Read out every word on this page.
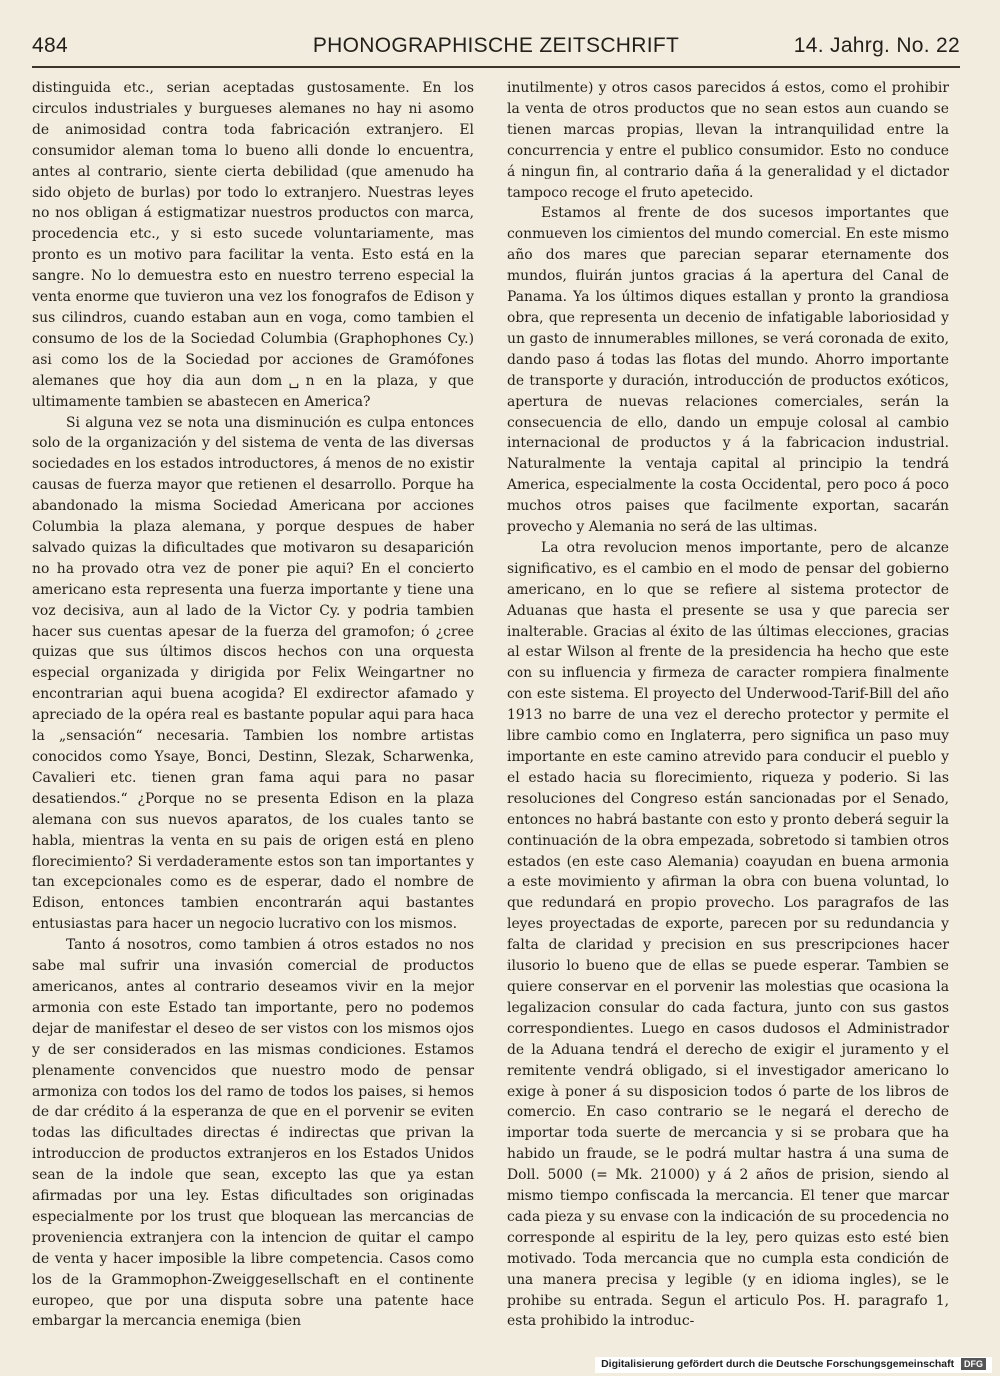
484	PHONOGRAPHISCHE ZEITSCHRIFT	14. Jahrg. No. 22

distinguida etc., serian aceptadas gustosamente. En los circulos industriales y burgueses alemanes no hay ni asomo de animosidad contra toda fabricación extranjero. El consumidor aleman toma lo bueno alli donde lo encuentra, antes al contrario, siente cierta debilidad (que amenudo ha sido objeto de burlas) por todo lo extranjero. Nuestras leyes no nos obligan á estigmatizar nuestros productos con marca, procedencia etc., y si esto sucede voluntariamente, mas pronto es un motivo para facilitar la venta. Esto está en la sangre. No lo demuestra esto en nuestro terreno especial la venta enorme que tuvieron una vez los fonografos de Edison y sus cilindros, cuando estaban aun en voga, como tambien el consumo de los de la Sociedad Columbia (Graphophones Cy.) asi como los de la Sociedad por acciones de Gramófones alemanes que hoy dia aun dom␣n en la plaza, y que ultimamente tambien se abastecen en America?

Si alguna vez se nota una disminución es culpa entonces solo de la organización y del sistema de venta de las diversas sociedades en los estados introductores, á menos de no existir causas de fuerza mayor que retienen el desarrollo. Porque ha abandonado la misma Sociedad Americana por acciones Columbia la plaza alemana, y porque despues de haber salvado quizas la dificultades que motivaron su desaparición no ha provado otra vez de poner pie aqui? En el concierto americano esta representa una fuerza importante y tiene una voz decisiva, aun al lado de la Victor Cy. y podria tambien hacer sus cuentas apesar de la fuerza del gramofon; ó ¿cree quizas que sus últimos discos hechos con una orquesta especial organizada y dirigida por Felix Weingartner no encontrarian aqui buena acogida? El exdirector afamado y apreciado de la opéra real es bastante popular aqui para haca la „sensación“ necesaria. Tambien los nombre artistas conocidos como Ysaye, Bonci, Destinn, Slezak, Scharwenka, Cavalieri etc. tienen gran fama aqui para no pasar desatiendos.“ ¿Porque no se presenta Edison en la plaza alemana con sus nuevos aparatos, de los cuales tanto se habla, mientras la venta en su pais de origen está en pleno florecimiento? Si verdaderamente estos son tan importantes y tan excepcionales como es de esperar, dado el nombre de Edison, entonces tambien encontrarán aqui bastantes entusiastas para hacer un negocio lucrativo con los mismos.

Tanto á nosotros, como tambien á otros estados no nos sabe mal sufrir una invasión comercial de productos americanos, antes al contrario deseamos vivir en la mejor armonia con este Estado tan importante, pero no podemos dejar de manifestar el deseo de ser vistos con los mismos ojos y de ser considerados en las mismas condiciones. Estamos plenamente convencidos que nuestro modo de pensar armoniza con todos los del ramo de todos los paises, si hemos de dar crédito á la esperanza de que en el porvenir se eviten todas las dificultades directas é indirectas que privan la introduccion de productos extranjeros en los Estados Unidos sean de la indole que sean, excepto las que ya estan afirmadas por una ley. Estas dificultades son originadas especialmente por los trust que bloquean las mercancias de proveniencia extranjera con la intencion de quitar el campo de venta y hacer imposible la libre competencia. Casos como los de la Grammophon-Zweiggesellschaft en el continente europeo, que por una disputa sobre una patente hace embargar la mercancia enemiga (bien

inutilmente) y otros casos parecidos á estos, como el prohibir la venta de otros productos que no sean estos aun cuando se tienen marcas propias, llevan la intranquilidad entre la concurrencia y entre el publico consumidor. Esto no conduce á ningun fin, al contrario daña á la generalidad y el dictador tampoco recoge el fruto apetecido.

Estamos al frente de dos sucesos importantes que conmueven los cimientos del mundo comercial. En este mismo año dos mares que parecian separar eternamente dos mundos, fluirán juntos gracias á la apertura del Canal de Panama. Ya los últimos diques estallan y pronto la grandiosa obra, que representa un decenio de infatigable laboriosidad y un gasto de innumerables millones, se verá coronada de exito, dando paso á todas las flotas del mundo. Ahorro importante de transporte y duración, introducción de productos exóticos, apertura de nuevas relaciones comerciales, serán la consecuencia de ello, dando un empuje colosal al cambio internacional de productos y á la fabricacion industrial. Naturalmente la ventaja capital al principio la tendrá America, especialmente la costa Occidental, pero poco á poco muchos otros paises que facilmente exportan, sacarán provecho y Alemania no será de las ultimas.

La otra revolucion menos importante, pero de alcanze significativo, es el cambio en el modo de pensar del gobierno americano, en lo que se refiere al sistema protector de Aduanas que hasta el presente se usa y que parecia ser inalterable. Gracias al éxito de las últimas elecciones, gracias al estar Wilson al frente de la presidencia ha hecho que este con su influencia y firmeza de caracter rompiera finalmente con este sistema. El proyecto del Underwood-Tarif-Bill del año 1913 no barre de una vez el derecho protector y permite el libre cambio como en Inglaterra, pero significa un paso muy importante en este camino atrevido para conducir el pueblo y el estado hacia su florecimiento, riqueza y poderio. Si las resoluciones del Congreso están sancionadas por el Senado, entonces no habrá bastante con esto y pronto deberá seguir la continuación de la obra empezada, sobretodo si tambien otros estados (en este caso Alemania) coayudan en buena armonia a este movimiento y afirman la obra con buena voluntad, lo que redundará en propio provecho. Los paragrafos de las leyes proyectadas de exporte, parecen por su redundancia y falta de claridad y precision en sus prescripciones hacer ilusorio lo bueno que de ellas se puede esperar. Tambien se quiere conservar en el porvenir las molestias que ocasiona la legalizacion consular do cada factura, junto con sus gastos correspondientes. Luego en casos dudosos el Administrador de la Aduana tendrá el derecho de exigir el juramento y el remitente vendrá obligado, si el investigador americano lo exige à poner á su disposicion todos ó parte de los libros de comercio. En caso contrario se le negará el derecho de importar toda suerte de mercancia y si se probara que ha habido un fraude, se le podrá multar hastra á una suma de Doll. 5000 (= Mk. 21000) y á 2 años de prision, siendo al mismo tiempo confiscada la mercancia. El tener que marcar cada pieza y su envase con la indicación de su procedencia no corresponde al espiritu de la ley, pero quizas esto esté bien motivado. Toda mercancia que no cumpla esta condición de una manera precisa y legible (y en idioma ingles), se le prohibe su entrada. Segun el articulo Pos. H. paragrafo 1, esta prohibido la introduc-

Digitalisierung gefördert durch die Deutsche Forschungsgemeinschaft DFG
